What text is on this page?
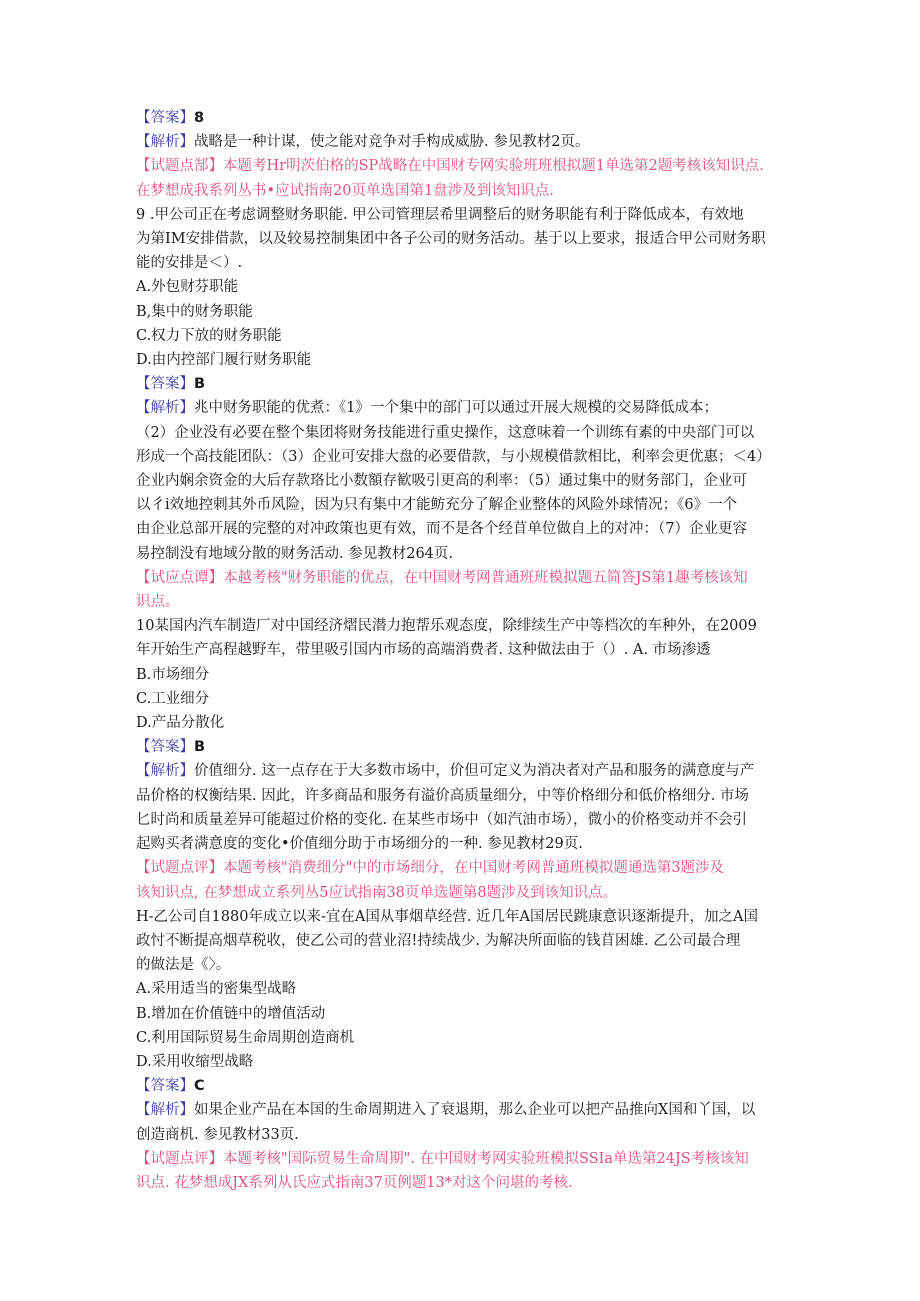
【答案】8
【解析】战略是一种计谋，使之能对竞争对手构成威胁. 参见教材2页。
【试题点郜】本题考Hr明茨伯格的SP战略在中国财专网实验班班根拟题1单选第2题考核该知识点.
在梦想成我系列丛书•应试指南20页单选国第1盘涉及到该知识点.
9 .甲公司正在考虑调整财务职能. 甲公司管理层希里调整后的财务职能有利于降低成本，有效地
为第IM安排借款，以及较易控制集团中各子公司的财务活动。基于以上要求，报适合甲公司财务职
能的安排是＜）.
A.外包财芬职能
B,集中的财务职能
C.权力下放的财务职能
D.由内控部门履行财务职能
【答案】B
【解析】兆中财务职能的优煮：《1》一个集中的部门可以通过开展大规模的交易降低成本；
（2）企业没有必要在整个集团将财务技能进行重史操作，这意味着一个训练有素的中央部门可以
形成一个高技能团队：（3）企业可安排大盘的必要借款，与小规模借款相比，利率会更优惠；＜4）
企业内娴余资金的大后存款珞比小数額存歓吸引更高的利率：（5）通过集中的财务部门，企业可
以彳i效地控剌其外币风险，因为只有集中才能鲂充分了解企业整体的风险外球情况；《6》一个
由企业总部开展的完整的对冲政策也更有效，而不是各个经苜单位做自上的对冲：（7）企业更容
易控制没有地域分散的财务活动. 参见教材264页.
【试应点谭】本越考核"财务职能的优点，在中国财考网普通班班模拟题五简答JS第1趣考核该知
识点。
10某国内汽车制造厂对中国经济熠民潜力抱帮乐观态度，除绯续生产中等档次的车种外，在2009
年开始生产高程越野车，带里吸引国内市场的高端消费者. 这种做法由于（）. A. 市场渗透
B.市场细分
C.工业细分
D.产品分散化
【答案】B
【解析】价值细分. 这一点存在于大多数市场中，价但可定义为消决者对产品和服务的满意度与产
品价格的权衡结果. 因此，许多商品和服务有溢价高质量细分，中等价格细分和低价格细分. 市场
匕时尚和质量差异可能超过价格的变化. 在某些市场中（如汽油市场），微小的价格变动并不会引
起购买者满意度的变化•价值细分助于市场细分的一种. 参见教材29页.
【试题点评】本题考核"消费细分"中的市场细分，在中国财考网普通班模拟题通选第3题涉及
该知识点, 在梦想成立系列丛5应试指南38页单选题第8题涉及到该知识点。
H-乙公司自1880年成立以来-宜在A国从事烟草经营. 近几年A国居民跳康意识逐渐提升，加之A国
政忖不断提高烟草税收，使乙公司的营业沼!持续战少. 为解决所面临的钱苜困雄. 乙公司最合理
的做法是《〉。
A.采用适当的密集型战略
B.增加在价值链中的增值活动
C.利用国际贸易生命周期创造商机
D.采用收缩型战略
【答案】C
【解析】如果企业产品在本国的生命周期进入了衰退期，那么企业可以把产品推向X国和丫国，以
创造商机. 参见教材33页.
【试题点评】本题考核"国际贸易生命周期". 在中国财考网实验班模拟SSIa单选第24JS考核该知
识点. 花梦想成JX系列从氏应式指南37页例题13*对这个问堪的考核.
